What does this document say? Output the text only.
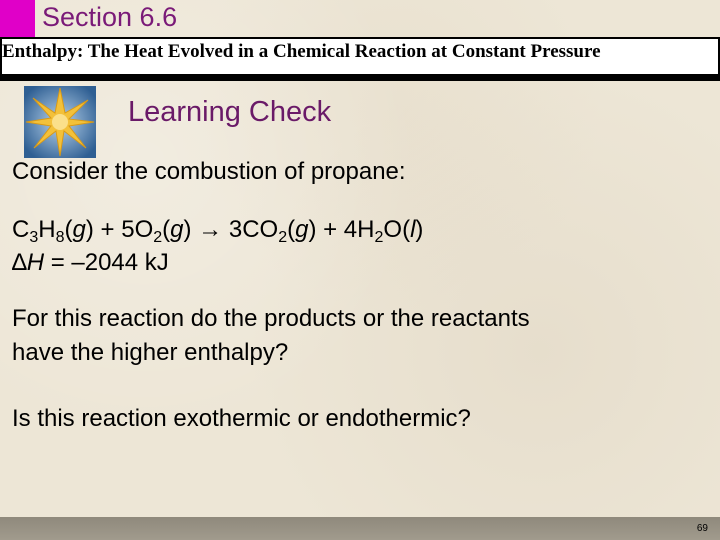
Section 6.6
Enthalpy: The Heat Evolved in a Chemical Reaction at Constant Pressure
Learning Check
Consider the combustion of propane:
$C_3H_8(g) + 5O_2(g) \to 3CO_2(g) + 4H_2O(l)$
∆H = –2044 kJ
For this reaction do the products or the reactants
have the higher enthalpy?
Is this reaction exothermic or endothermic?
69
